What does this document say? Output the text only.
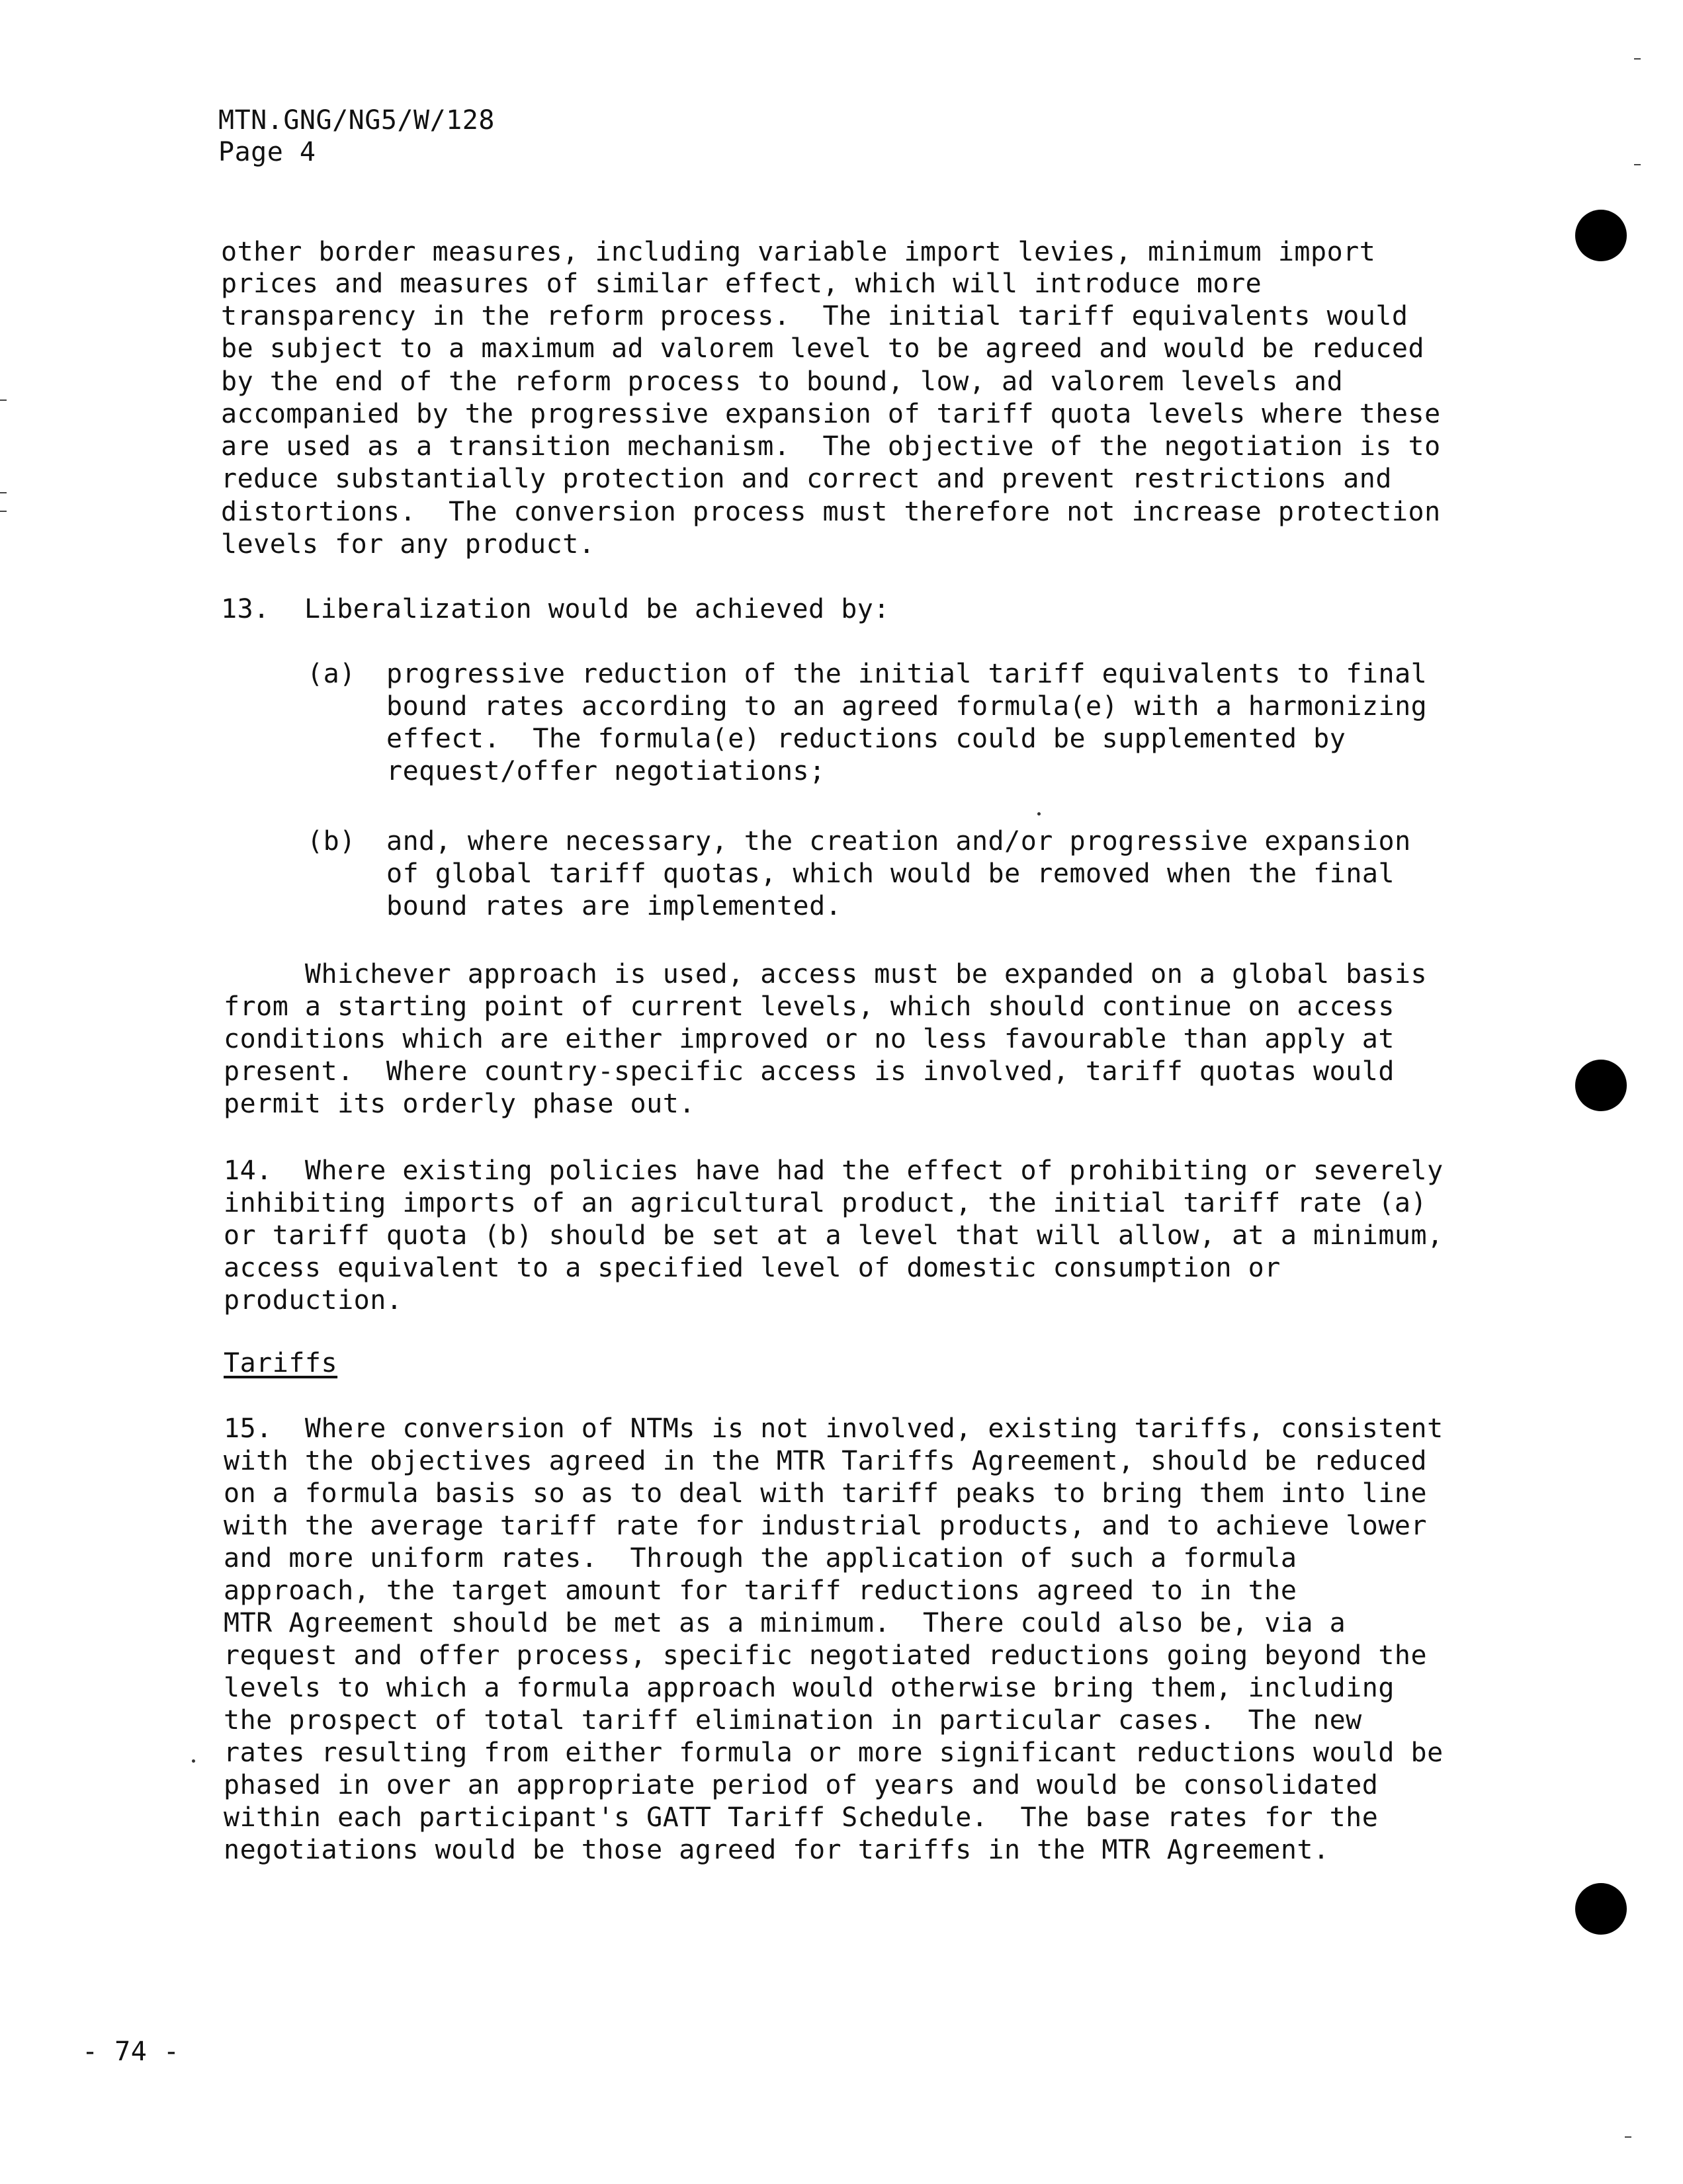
MTN.GNG/NG5/W/128
Page 4
other border measures, including variable import levies, minimum import
prices and measures of similar effect, which will introduce more
transparency in the reform process.  The initial tariff equivalents would
be subject to a maximum ad valorem level to be agreed and would be reduced
by the end of the reform process to bound, low, ad valorem levels and
accompanied by the progressive expansion of tariff quota levels where these
are used as a transition mechanism.  The objective of the negotiation is to
reduce substantially protection and correct and prevent restrictions and
distortions.  The conversion process must therefore not increase protection
levels for any product.
13. Liberalization would be achieved by:
(a) progressive reduction of the initial tariff equivalents to final
bound rates according to an agreed formula(e) with a harmonizing
effect.  The formula(e) reductions could be supplemented by
request/offer negotiations;
(b) and, where necessary, the creation and/or progressive expansion
of global tariff quotas, which would be removed when the final
bound rates are implemented.
Whichever approach is used, access must be expanded on a global basis
from a starting point of current levels, which should continue on access
conditions which are either improved or no less favourable than apply at
present.  Where country-specific access is involved, tariff quotas would
permit its orderly phase out.
14.  Where existing policies have had the effect of prohibiting or severely
inhibiting imports of an agricultural product, the initial tariff rate (a)
or tariff quota (b) should be set at a level that will allow, at a minimum,
access equivalent to a specified level of domestic consumption or
production.
Tariffs
15.  Where conversion of NTMs is not involved, existing tariffs, consistent
with the objectives agreed in the MTR Tariffs Agreement, should be reduced
on a formula basis so as to deal with tariff peaks to bring them into line
with the average tariff rate for industrial products, and to achieve lower
and more uniform rates.  Through the application of such a formula
approach, the target amount for tariff reductions agreed to in the
MTR Agreement should be met as a minimum.  There could also be, via a
request and offer process, specific negotiated reductions going beyond the
levels to which a formula approach would otherwise bring them, including
the prospect of total tariff elimination in particular cases.  The new
rates resulting from either formula or more significant reductions would be
phased in over an appropriate period of years and would be consolidated
within each participant's GATT Tariff Schedule.  The base rates for the
negotiations would be those agreed for tariffs in the MTR Agreement.
- 74 -
